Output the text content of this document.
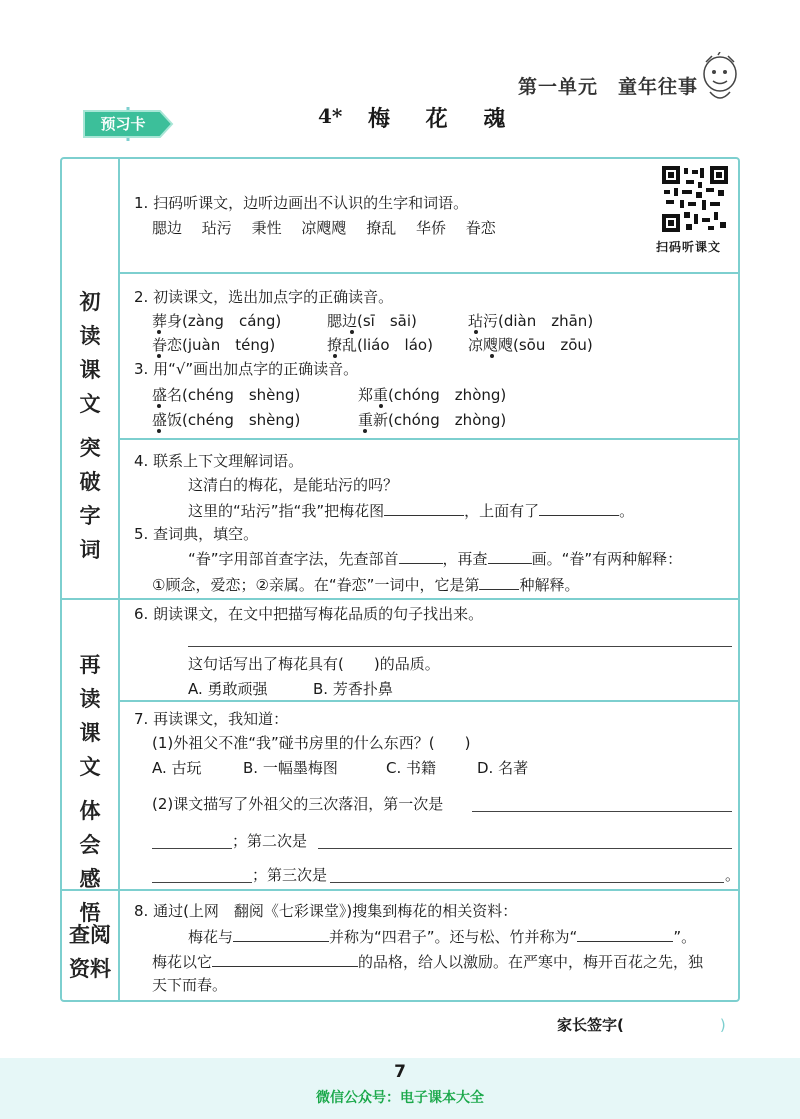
第一单元　童年往事
预习卡	4* 梅 花 魂
初
读
课
文
突
破
字
词
再
读
课
文
体
会
感
悟
查阅
资料
扫码听课文
1. 扫码听课文，边听边画出不认识的生字和词语。
腮边　 玷污　 秉性　 凉飕飕　 撩乱　 华侨　 眷恋
2. 初读课文，选出加点字的正确读音。
葬身(zàng　cáng)	腮边(sī　sāi)	玷污(diàn　zhān)
眷恋(juàn　téng)	撩乱(liáo　láo) 凉飕飕(sōu　zōu)
3. 用“√”画出加点字的正确读音。
盛名(chéng　shèng)	郑重(chóng　zhòng)
盛饭(chéng　shèng)	重新(chóng　zhòng)
4. 联系上下文理解词语。
这清白的梅花，是能玷污的吗？
这里的“玷污”指“我”把梅花图	，上面有了	。
5. 查词典，填空。
“眷”字用部首查字法，先查部首	，再查	画。“眷”有两种解释：
①顾念，爱恋；②亲属。在“眷恋”一词中，它是第	种解释。
6. 朗读课文，在文中把描写梅花品质的句子找出来。
这句话写出了梅花具有(　　)的品质。
A. 勇敢顽强	B. 芳香扑鼻
7. 再读课文，我知道：
(1)外祖父不准“我”碰书房里的什么东西？(　　)
A. 古玩	B. 一幅墨梅图	C. 书籍	D. 名著
(2)课文描写了外祖父的三次落泪，第一次是
；第二次是
；第三次是	。
8. 通过(上网　翻阅《七彩课堂》)搜集到梅花的相关资料：
梅花与	并称为“四君子”。还与松、竹并称为“	”。
梅花以它	的品格，给人以激励。在严寒中，梅开百花之先，独
天下而春。
家长签字(	)
7
微信公众号：电子课本大全
